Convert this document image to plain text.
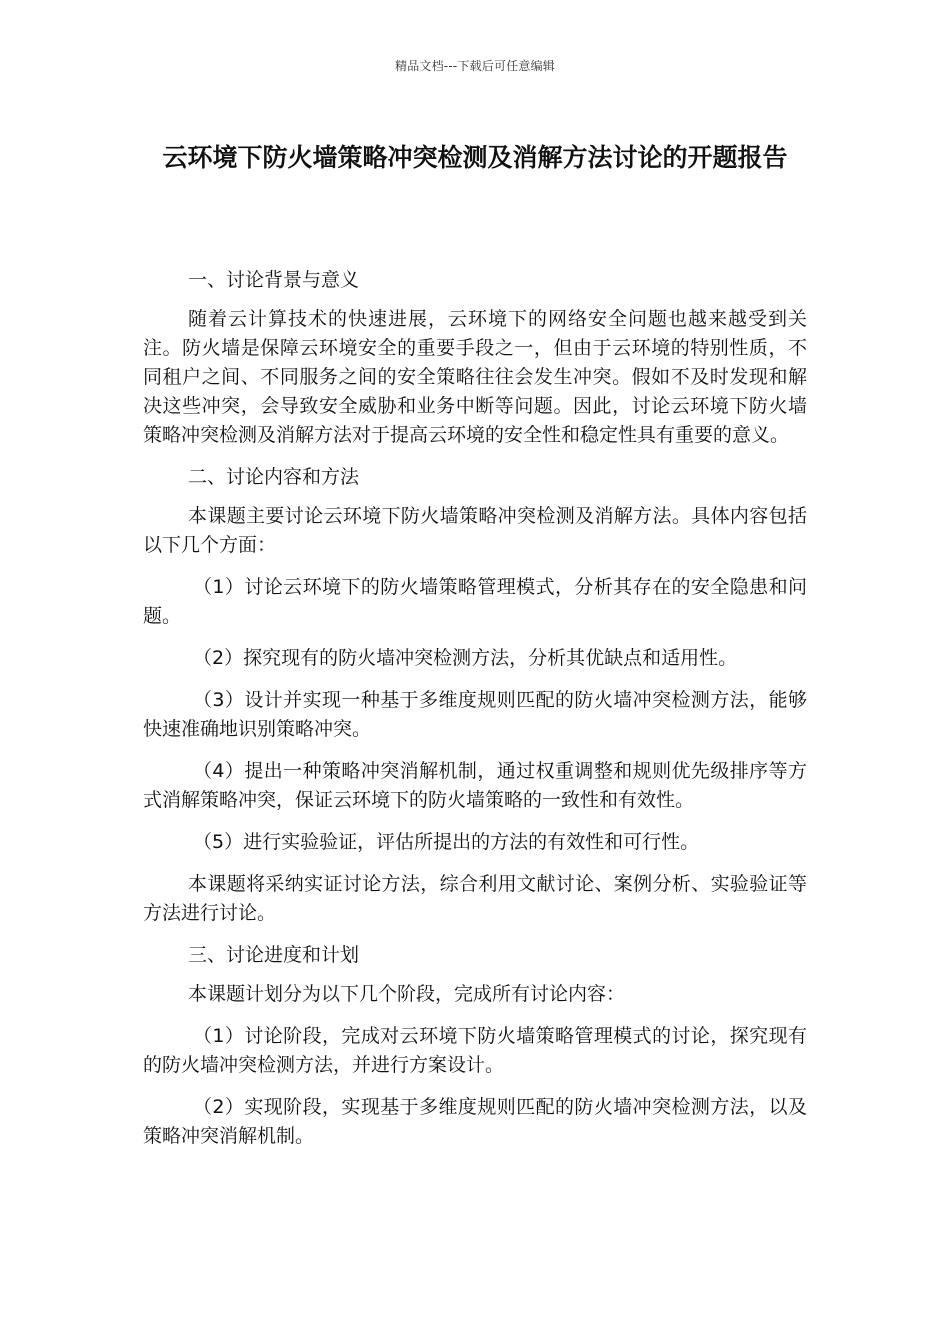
精品文档---下载后可任意编辑
云环境下防火墙策略冲突检测及消解方法讨论的开题报告

一、讨论背景与意义

随着云计算技术的快速进展，云环境下的网络安全问题也越来越受到关注。防火墙是保障云环境安全的重要手段之一，但由于云环境的特别性质，不同租户之间、不同服务之间的安全策略往往会发生冲突。假如不及时发现和解决这些冲突，会导致安全威胁和业务中断等问题。因此，讨论云环境下防火墙策略冲突检测及消解方法对于提高云环境的安全性和稳定性具有重要的意义。

二、讨论内容和方法

本课题主要讨论云环境下防火墙策略冲突检测及消解方法。具体内容包括以下几个方面：

（1）讨论云环境下的防火墙策略管理模式，分析其存在的安全隐患和问题。

（2）探究现有的防火墙冲突检测方法，分析其优缺点和适用性。

（3）设计并实现一种基于多维度规则匹配的防火墙冲突检测方法，能够快速准确地识别策略冲突。

（4）提出一种策略冲突消解机制，通过权重调整和规则优先级排序等方式消解策略冲突，保证云环境下的防火墙策略的一致性和有效性。

（5）进行实验验证，评估所提出的方法的有效性和可行性。

本课题将采纳实证讨论方法，综合利用文献讨论、案例分析、实验验证等方法进行讨论。

三、讨论进度和计划

本课题计划分为以下几个阶段，完成所有讨论内容：

（1）讨论阶段，完成对云环境下防火墙策略管理模式的讨论，探究现有的防火墙冲突检测方法，并进行方案设计。

（2）实现阶段，实现基于多维度规则匹配的防火墙冲突检测方法，以及策略冲突消解机制。
